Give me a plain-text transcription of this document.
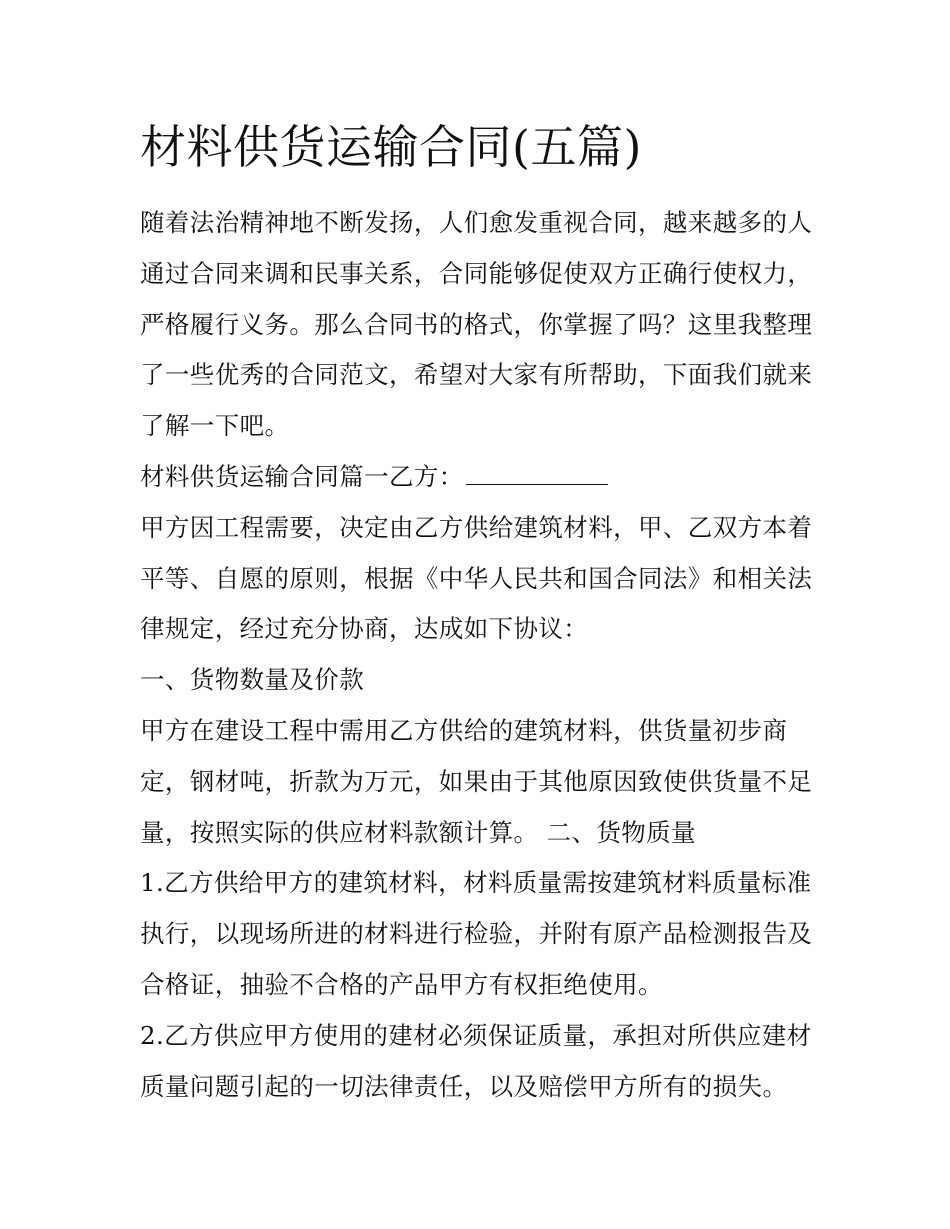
材料供货运输合同(五篇)

随着法治精神地不断发扬，人们愈发重视合同，越来越多的人
通过合同来调和民事关系，合同能够促使双方正确行使权力，
严格履行义务。那么合同书的格式，你掌握了吗？这里我整理
了一些优秀的合同范文，希望对大家有所帮助，下面我们就来
了解一下吧。

材料供货运输合同篇一乙方：

甲方因工程需要，决定由乙方供给建筑材料，甲、乙双方本着
平等、自愿的原则，根据《中华人民共和国合同法》和相关法
律规定，经过充分协商，达成如下协议：

一、货物数量及价款

甲方在建设工程中需用乙方供给的建筑材料，供货量初步商
定，钢材吨，折款为万元，如果由于其他原因致使供货量不足
量，按照实际的供应材料款额计算。 二、货物质量

1.乙方供给甲方的建筑材料，材料质量需按建筑材料质量标准
执行，以现场所进的材料进行检验，并附有原产品检测报告及
合格证，抽验不合格的产品甲方有权拒绝使用。

2.乙方供应甲方使用的建材必须保证质量，承担对所供应建材
质量问题引起的一切法律责任，以及赔偿甲方所有的损失。
